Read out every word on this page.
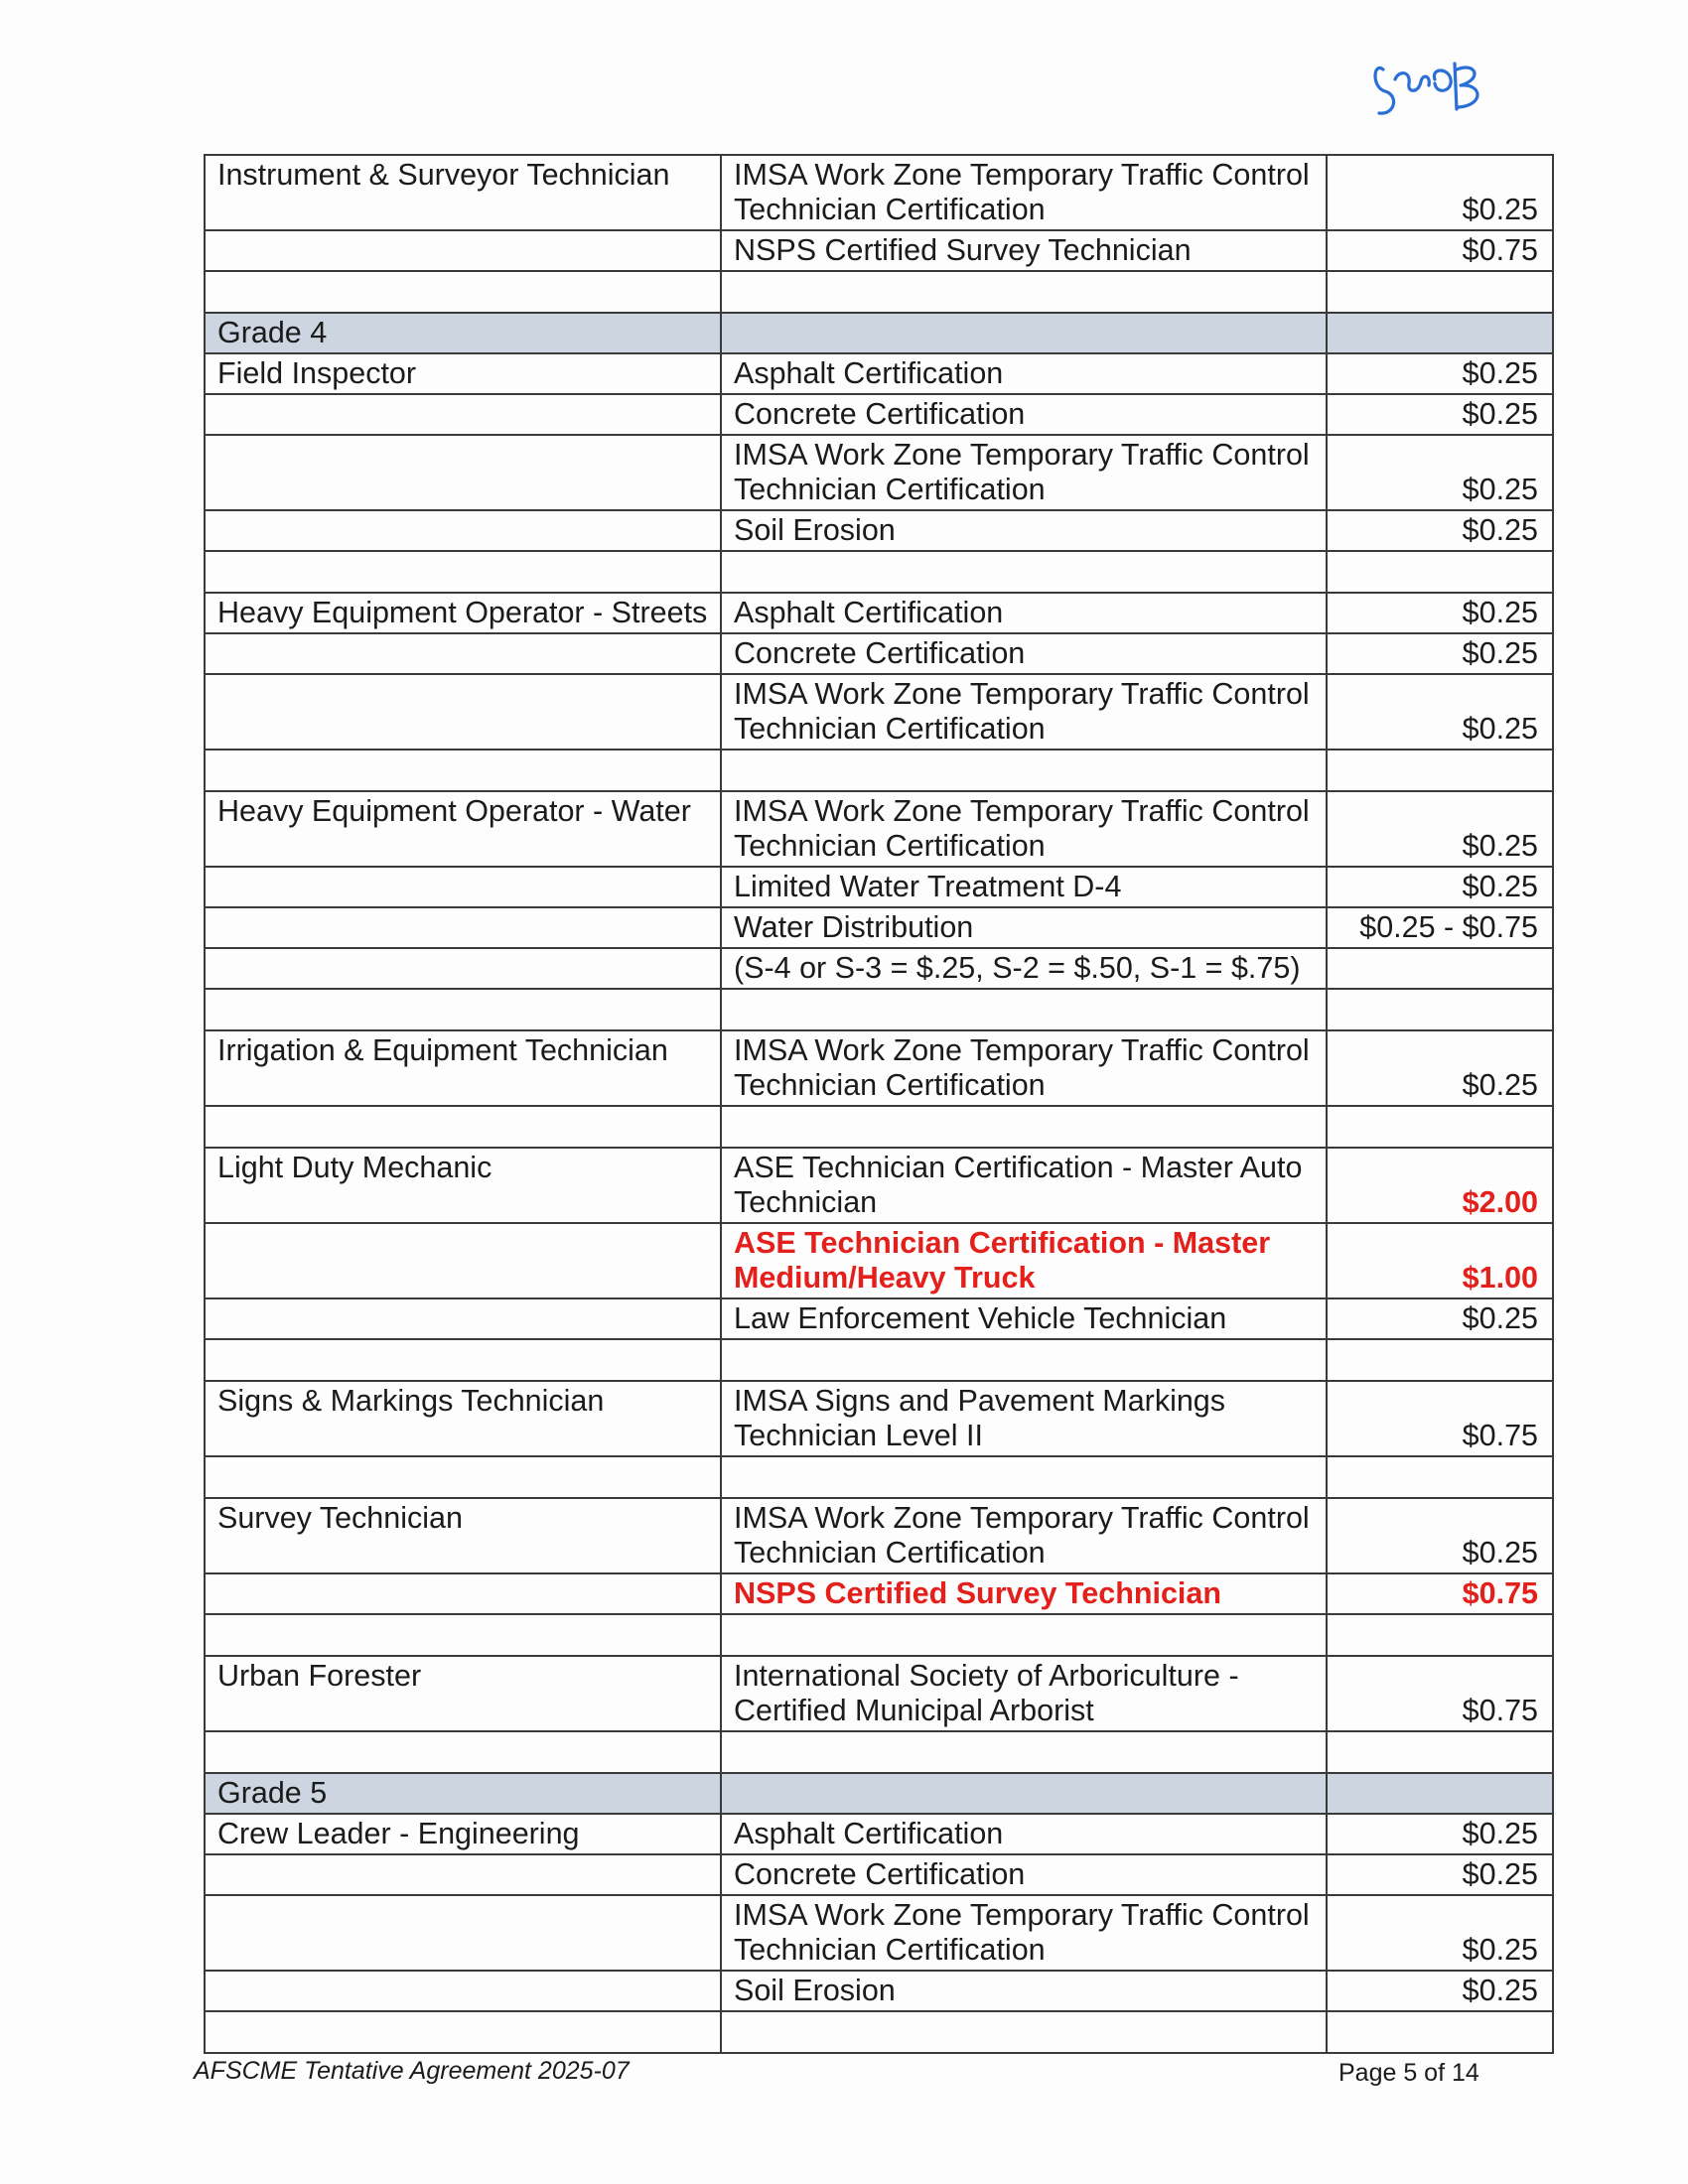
Instrument & Surveyor Technician	IMSA Work Zone Temporary Traffic Control Technician Certification	$0.25
	NSPS Certified Survey Technician	$0.75

Grade 4		
Field Inspector	Asphalt Certification	$0.25
	Concrete Certification	$0.25
	IMSA Work Zone Temporary Traffic Control Technician Certification	$0.25
	Soil Erosion	$0.25

Heavy Equipment Operator - Streets	Asphalt Certification	$0.25
	Concrete Certification	$0.25
	IMSA Work Zone Temporary Traffic Control Technician Certification	$0.25

Heavy Equipment Operator - Water	IMSA Work Zone Temporary Traffic Control Technician Certification	$0.25
	Limited Water Treatment D-4	$0.25
	Water Distribution	$0.25 - $0.75
	(S-4 or S-3 = $.25, S-2 = $.50, S-1 = $.75)	

Irrigation & Equipment Technician	IMSA Work Zone Temporary Traffic Control Technician Certification	$0.25

Light Duty Mechanic	ASE Technician Certification - Master Auto Technician	$2.00
	ASE Technician Certification - Master Medium/Heavy Truck	$1.00
	Law Enforcement Vehicle Technician	$0.25

Signs & Markings Technician	IMSA Signs and Pavement Markings Technician Level II	$0.75

Survey Technician	IMSA Work Zone Temporary Traffic Control Technician Certification	$0.25
	NSPS Certified Survey Technician	$0.75

Urban Forester	International Society of Arboriculture - Certified Municipal Arborist	$0.75

Grade 5		
Crew Leader - Engineering	Asphalt Certification	$0.25
	Concrete Certification	$0.25
	IMSA Work Zone Temporary Traffic Control Technician Certification	$0.25
	Soil Erosion	$0.25

AFSCME Tentative Agreement 2025-07	Page 5 of 14
